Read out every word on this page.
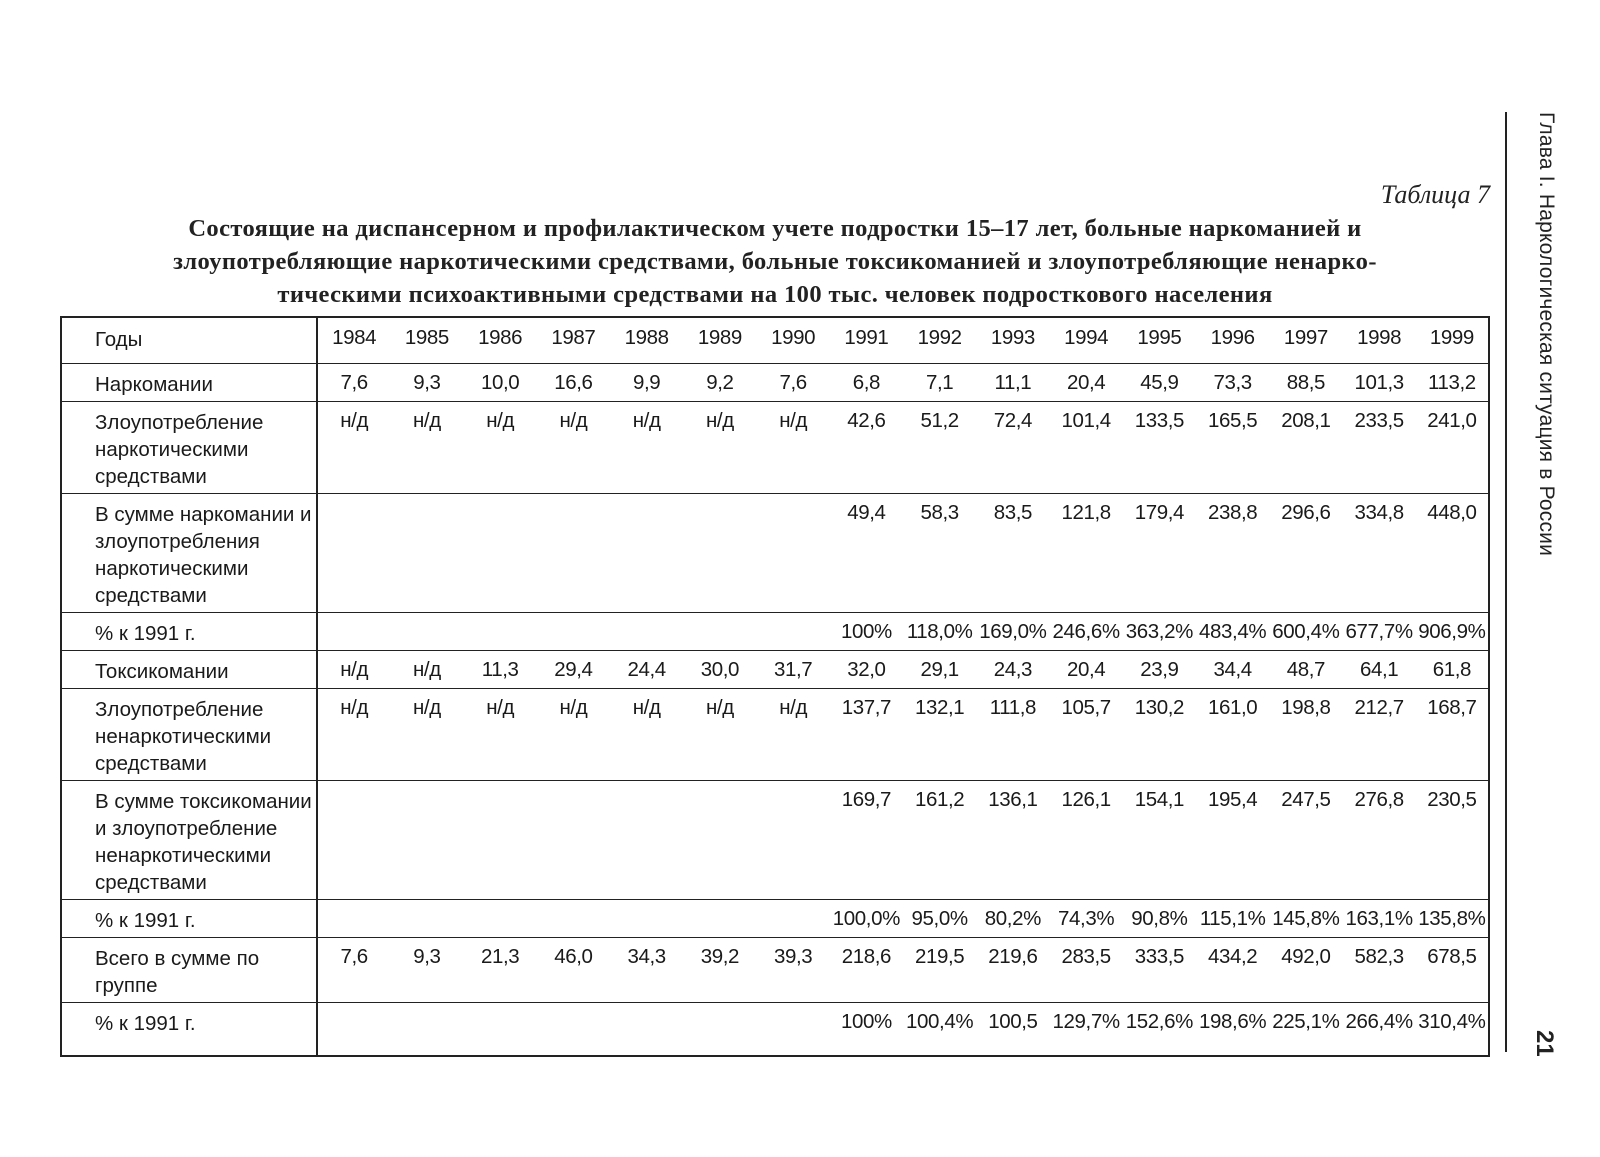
Таблица 7
Состоящие на диспансерном и профилактическом учете подростки 15–17 лет, больные наркоманией и
злоупотребляющие наркотическими средствами, больные токсикоманией и злоупотребляющие ненарко-
тическими психоактивными средствами на 100 тыс. человек подросткового населения	Глава I. Наркологическая ситуация в России
21
Годы	1984	1985	1986	1987	1988	1989	1990	1991	1992	1993	1994	1995	1996	1997	1998	1999
Наркомании	7,6	9,3	10,0	16,6	9,9	9,2	7,6	6,8	7,1	11,1	20,4	45,9	73,3	88,5	101,3	113,2
Злоупотребление наркотическими средствами	н/д	н/д	н/д	н/д	н/д	н/д	н/д	42,6	51,2	72,4	101,4	133,5	165,5	208,1	233,5	241,0
В сумме наркомании и злоупотребления наркотическими средствами								49,4	58,3	83,5	121,8	179,4	238,8	296,6	334,8	448,0
% к 1991 г.								100%	118,0%	169,0%	246,6%	363,2%	483,4%	600,4%	677,7%	906,9%
Токсикомании	н/д	н/д	11,3	29,4	24,4	30,0	31,7	32,0	29,1	24,3	20,4	23,9	34,4	48,7	64,1	61,8
Злоупотребление ненаркотическими средствами	н/д	н/д	н/д	н/д	н/д	н/д	н/д	137,7	132,1	111,8	105,7	130,2	161,0	198,8	212,7	168,7
В сумме токсикомании и злоупотребление ненаркотическими средствами								169,7	161,2	136,1	126,1	154,1	195,4	247,5	276,8	230,5
% к 1991 г.								100,0%	95,0%	80,2%	74,3%	90,8%	115,1%	145,8%	163,1%	135,8%
Всего в сумме по группе	7,6	9,3	21,3	46,0	34,3	39,2	39,3	218,6	219,5	219,6	283,5	333,5	434,2	492,0	582,3	678,5
% к 1991 г.								100%	100,4%	100,5	129,7%	152,6%	198,6%	225,1%	266,4%	310,4%
